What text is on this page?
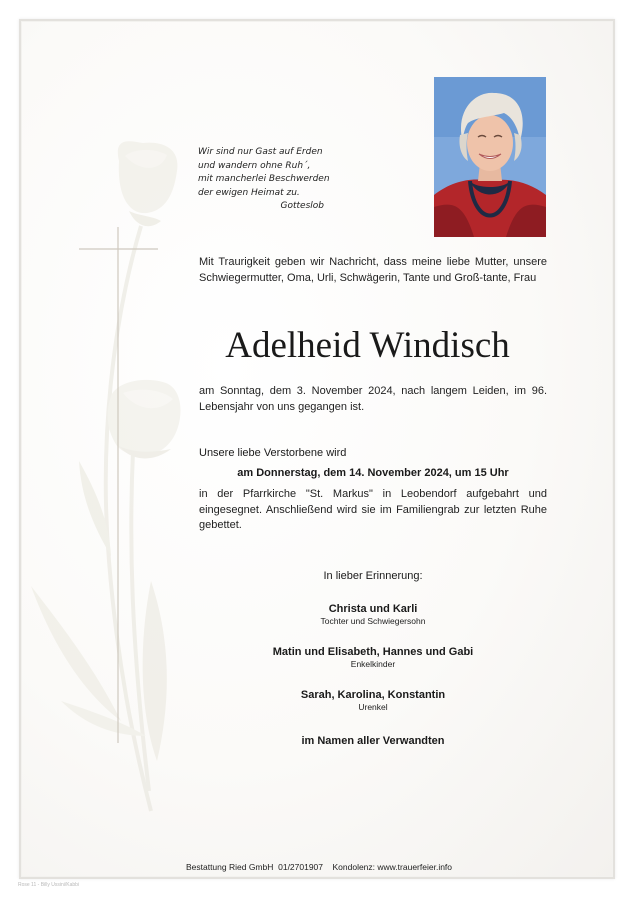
Wir sind nur Gast auf Erden
und wandern ohne Ruh´,
mit mancherlei Beschwerden
der ewigen Heimat zu.
Gotteslob
Mit Traurigkeit geben wir Nachricht, dass meine liebe Mutter, unsere Schwiegermutter, Oma, Urli, Schwägerin, Tante und Groß-tante, Frau
Adelheid Windisch
am Sonntag, dem 3. November 2024, nach langem Leiden, im 96. Lebensjahr von uns gegangen ist.
Unsere liebe Verstorbene wird
am Donnerstag, dem 14. November 2024, um 15 Uhr
in der Pfarrkirche "St. Markus" in Leobendorf aufgebahrt und eingesegnet. Anschließend wird sie im Familiengrab zur letzten Ruhe gebettet.
In lieber Erinnerung:
Christa und Karli
Tochter und Schwiegersohn
Matin und Elisabeth, Hannes und Gabi
Enkelkinder
Sarah, Karolina, Konstantin
Urenkel
im Namen aller Verwandten
Bestattung Ried GmbH 01/2701907 Kondolenz: www.trauerfeier.info
Rose 11 - Billy Ussini/Kabbi
